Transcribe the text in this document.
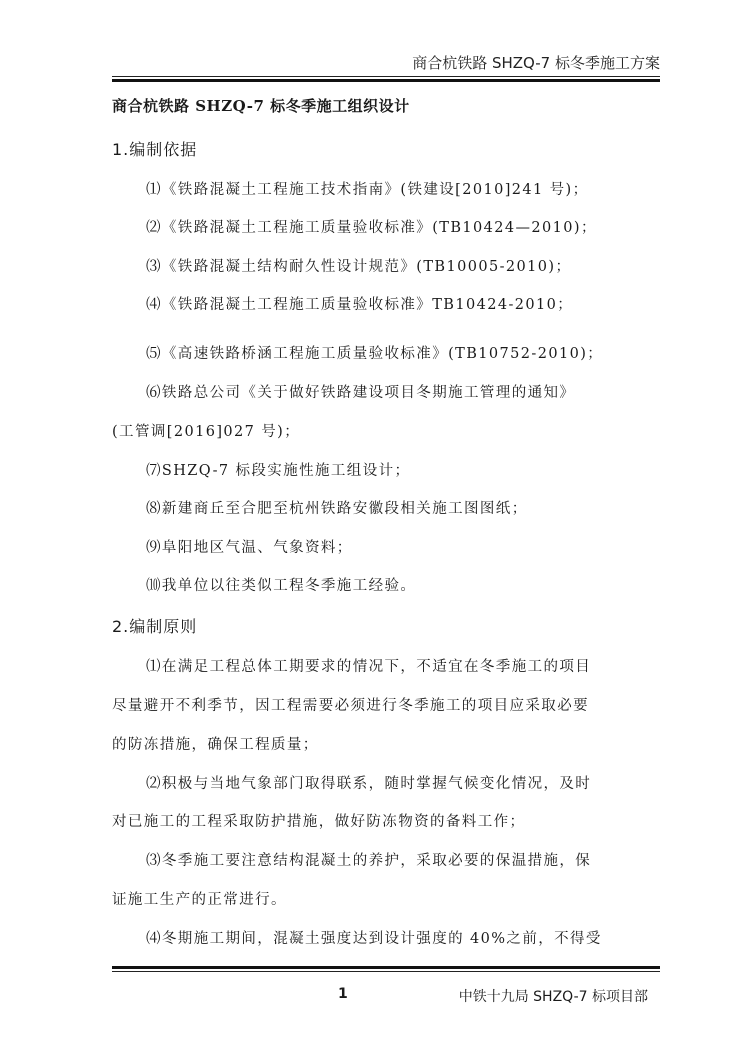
商合杭铁路 SHZQ-7 标冬季施工方案
商合杭铁路 SHZQ-7 标冬季施工组织设计
1.编制依据
⑴《铁路混凝土工程施工技术指南》(铁建设[2010]241 号)；
⑵《铁路混凝土工程施工质量验收标准》(TB10424—2010)；
⑶《铁路混凝土结构耐久性设计规范》(TB10005-2010)；
⑷《铁路混凝土工程施工质量验收标准》TB10424-2010；
⑸《高速铁路桥涵工程施工质量验收标准》(TB10752-2010)；
⑹铁路总公司《关于做好铁路建设项目冬期施工管理的通知》
(工管调[2016]027 号)；
⑺SHZQ-7 标段实施性施工组设计；
⑻新建商丘至合肥至杭州铁路安徽段相关施工图图纸；
⑼阜阳地区气温、气象资料；
⑽我单位以往类似工程冬季施工经验。
2.编制原则
⑴在满足工程总体工期要求的情况下，不适宜在冬季施工的项目
尽量避开不利季节，因工程需要必须进行冬季施工的项目应采取必要
的防冻措施，确保工程质量；
⑵积极与当地气象部门取得联系，随时掌握气候变化情况，及时
对已施工的工程采取防护措施，做好防冻物资的备料工作；
⑶冬季施工要注意结构混凝土的养护，采取必要的保温措施，保
证施工生产的正常进行。
⑷冬期施工期间，混凝土强度达到设计强度的 40%之前，不得受
1	中铁十九局 SHZQ-7 标项目部
